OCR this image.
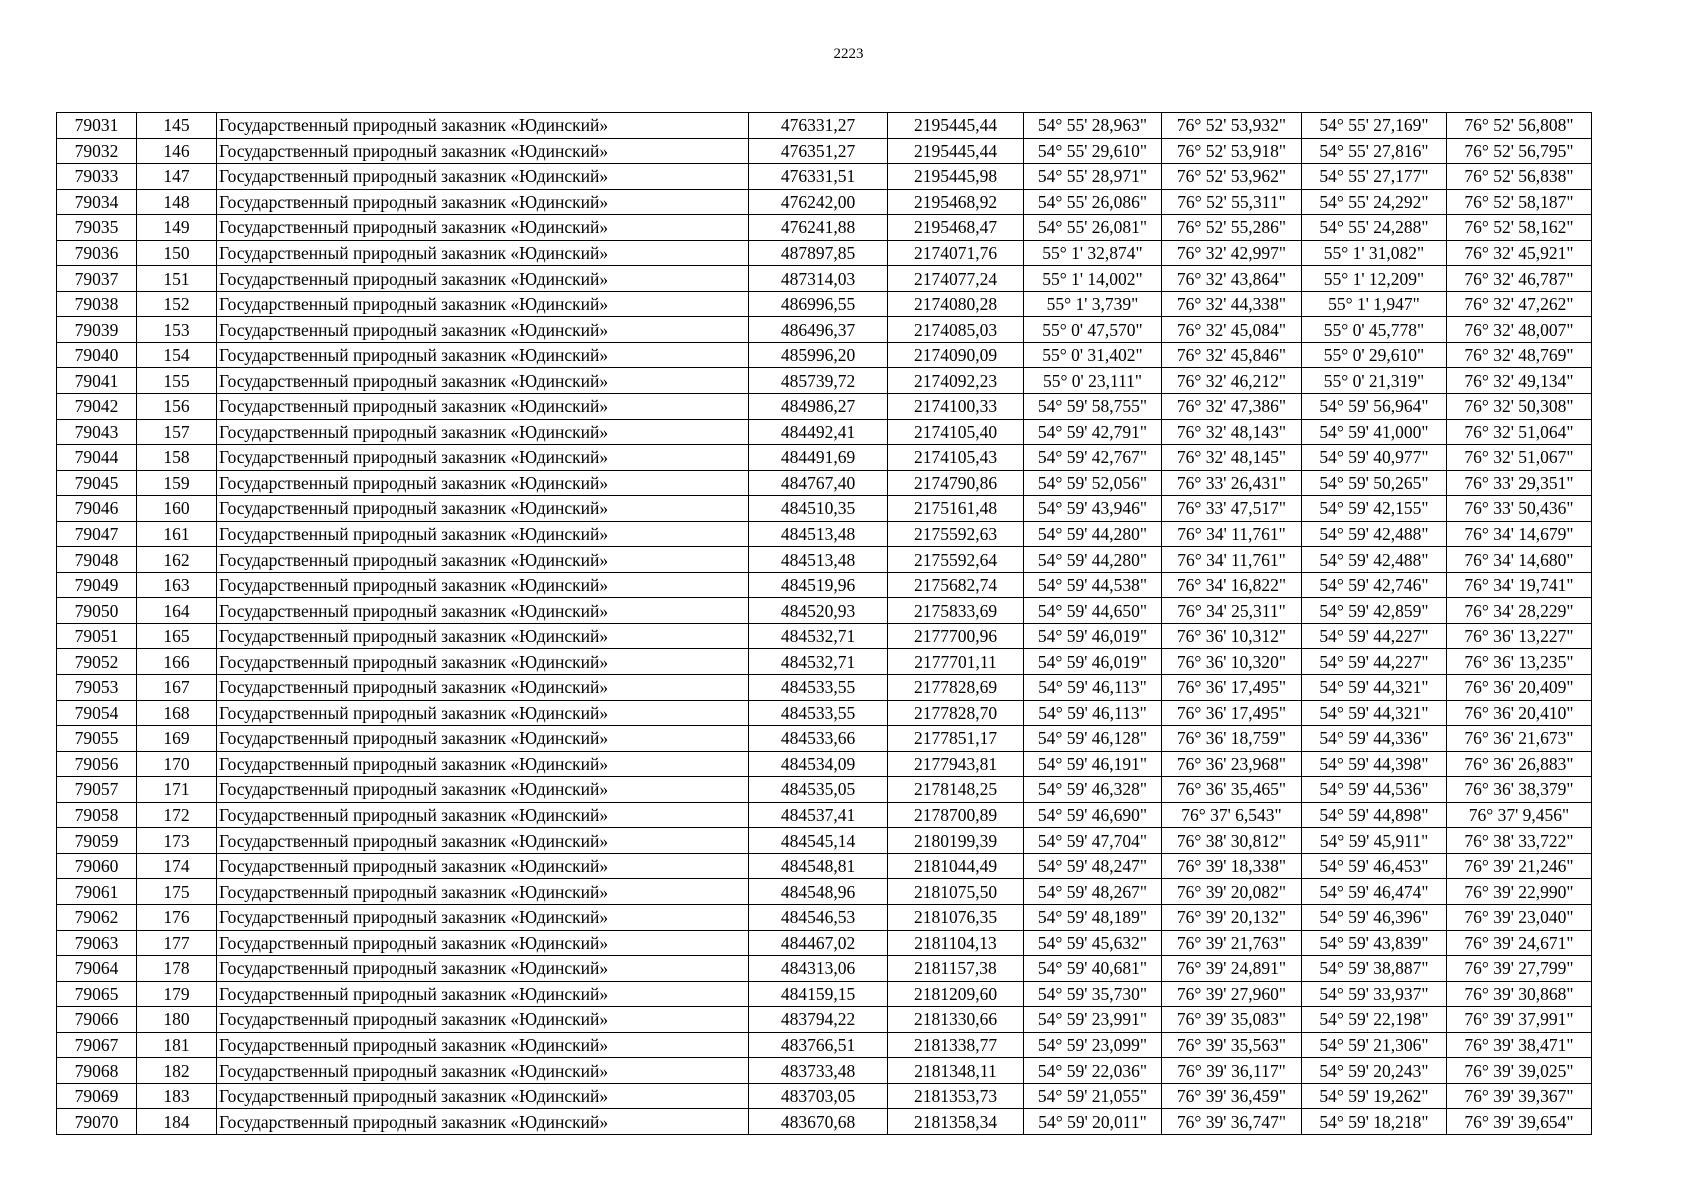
2223
79031	145	Государственный природный заказник «Юдинский»	476331,27	2195445,44	54° 55' 28,963"	76° 52' 53,932"	54° 55' 27,169"	76° 52' 56,808"
79032	146	Государственный природный заказник «Юдинский»	476351,27	2195445,44	54° 55' 29,610"	76° 52' 53,918"	54° 55' 27,816"	76° 52' 56,795"
79033	147	Государственный природный заказник «Юдинский»	476331,51	2195445,98	54° 55' 28,971"	76° 52' 53,962"	54° 55' 27,177"	76° 52' 56,838"
79034	148	Государственный природный заказник «Юдинский»	476242,00	2195468,92	54° 55' 26,086"	76° 52' 55,311"	54° 55' 24,292"	76° 52' 58,187"
79035	149	Государственный природный заказник «Юдинский»	476241,88	2195468,47	54° 55' 26,081"	76° 52' 55,286"	54° 55' 24,288"	76° 52' 58,162"
79036	150	Государственный природный заказник «Юдинский»	487897,85	2174071,76	55° 1' 32,874"	76° 32' 42,997"	55° 1' 31,082"	76° 32' 45,921"
79037	151	Государственный природный заказник «Юдинский»	487314,03	2174077,24	55° 1' 14,002"	76° 32' 43,864"	55° 1' 12,209"	76° 32' 46,787"
79038	152	Государственный природный заказник «Юдинский»	486996,55	2174080,28	55° 1' 3,739"	76° 32' 44,338"	55° 1' 1,947"	76° 32' 47,262"
79039	153	Государственный природный заказник «Юдинский»	486496,37	2174085,03	55° 0' 47,570"	76° 32' 45,084"	55° 0' 45,778"	76° 32' 48,007"
79040	154	Государственный природный заказник «Юдинский»	485996,20	2174090,09	55° 0' 31,402"	76° 32' 45,846"	55° 0' 29,610"	76° 32' 48,769"
79041	155	Государственный природный заказник «Юдинский»	485739,72	2174092,23	55° 0' 23,111"	76° 32' 46,212"	55° 0' 21,319"	76° 32' 49,134"
79042	156	Государственный природный заказник «Юдинский»	484986,27	2174100,33	54° 59' 58,755"	76° 32' 47,386"	54° 59' 56,964"	76° 32' 50,308"
79043	157	Государственный природный заказник «Юдинский»	484492,41	2174105,40	54° 59' 42,791"	76° 32' 48,143"	54° 59' 41,000"	76° 32' 51,064"
79044	158	Государственный природный заказник «Юдинский»	484491,69	2174105,43	54° 59' 42,767"	76° 32' 48,145"	54° 59' 40,977"	76° 32' 51,067"
79045	159	Государственный природный заказник «Юдинский»	484767,40	2174790,86	54° 59' 52,056"	76° 33' 26,431"	54° 59' 50,265"	76° 33' 29,351"
79046	160	Государственный природный заказник «Юдинский»	484510,35	2175161,48	54° 59' 43,946"	76° 33' 47,517"	54° 59' 42,155"	76° 33' 50,436"
79047	161	Государственный природный заказник «Юдинский»	484513,48	2175592,63	54° 59' 44,280"	76° 34' 11,761"	54° 59' 42,488"	76° 34' 14,679"
79048	162	Государственный природный заказник «Юдинский»	484513,48	2175592,64	54° 59' 44,280"	76° 34' 11,761"	54° 59' 42,488"	76° 34' 14,680"
79049	163	Государственный природный заказник «Юдинский»	484519,96	2175682,74	54° 59' 44,538"	76° 34' 16,822"	54° 59' 42,746"	76° 34' 19,741"
79050	164	Государственный природный заказник «Юдинский»	484520,93	2175833,69	54° 59' 44,650"	76° 34' 25,311"	54° 59' 42,859"	76° 34' 28,229"
79051	165	Государственный природный заказник «Юдинский»	484532,71	2177700,96	54° 59' 46,019"	76° 36' 10,312"	54° 59' 44,227"	76° 36' 13,227"
79052	166	Государственный природный заказник «Юдинский»	484532,71	2177701,11	54° 59' 46,019"	76° 36' 10,320"	54° 59' 44,227"	76° 36' 13,235"
79053	167	Государственный природный заказник «Юдинский»	484533,55	2177828,69	54° 59' 46,113"	76° 36' 17,495"	54° 59' 44,321"	76° 36' 20,409"
79054	168	Государственный природный заказник «Юдинский»	484533,55	2177828,70	54° 59' 46,113"	76° 36' 17,495"	54° 59' 44,321"	76° 36' 20,410"
79055	169	Государственный природный заказник «Юдинский»	484533,66	2177851,17	54° 59' 46,128"	76° 36' 18,759"	54° 59' 44,336"	76° 36' 21,673"
79056	170	Государственный природный заказник «Юдинский»	484534,09	2177943,81	54° 59' 46,191"	76° 36' 23,968"	54° 59' 44,398"	76° 36' 26,883"
79057	171	Государственный природный заказник «Юдинский»	484535,05	2178148,25	54° 59' 46,328"	76° 36' 35,465"	54° 59' 44,536"	76° 36' 38,379"
79058	172	Государственный природный заказник «Юдинский»	484537,41	2178700,89	54° 59' 46,690"	76° 37' 6,543"	54° 59' 44,898"	76° 37' 9,456"
79059	173	Государственный природный заказник «Юдинский»	484545,14	2180199,39	54° 59' 47,704"	76° 38' 30,812"	54° 59' 45,911"	76° 38' 33,722"
79060	174	Государственный природный заказник «Юдинский»	484548,81	2181044,49	54° 59' 48,247"	76° 39' 18,338"	54° 59' 46,453"	76° 39' 21,246"
79061	175	Государственный природный заказник «Юдинский»	484548,96	2181075,50	54° 59' 48,267"	76° 39' 20,082"	54° 59' 46,474"	76° 39' 22,990"
79062	176	Государственный природный заказник «Юдинский»	484546,53	2181076,35	54° 59' 48,189"	76° 39' 20,132"	54° 59' 46,396"	76° 39' 23,040"
79063	177	Государственный природный заказник «Юдинский»	484467,02	2181104,13	54° 59' 45,632"	76° 39' 21,763"	54° 59' 43,839"	76° 39' 24,671"
79064	178	Государственный природный заказник «Юдинский»	484313,06	2181157,38	54° 59' 40,681"	76° 39' 24,891"	54° 59' 38,887"	76° 39' 27,799"
79065	179	Государственный природный заказник «Юдинский»	484159,15	2181209,60	54° 59' 35,730"	76° 39' 27,960"	54° 59' 33,937"	76° 39' 30,868"
79066	180	Государственный природный заказник «Юдинский»	483794,22	2181330,66	54° 59' 23,991"	76° 39' 35,083"	54° 59' 22,198"	76° 39' 37,991"
79067	181	Государственный природный заказник «Юдинский»	483766,51	2181338,77	54° 59' 23,099"	76° 39' 35,563"	54° 59' 21,306"	76° 39' 38,471"
79068	182	Государственный природный заказник «Юдинский»	483733,48	2181348,11	54° 59' 22,036"	76° 39' 36,117"	54° 59' 20,243"	76° 39' 39,025"
79069	183	Государственный природный заказник «Юдинский»	483703,05	2181353,73	54° 59' 21,055"	76° 39' 36,459"	54° 59' 19,262"	76° 39' 39,367"
79070	184	Государственный природный заказник «Юдинский»	483670,68	2181358,34	54° 59' 20,011"	76° 39' 36,747"	54° 59' 18,218"	76° 39' 39,654"
